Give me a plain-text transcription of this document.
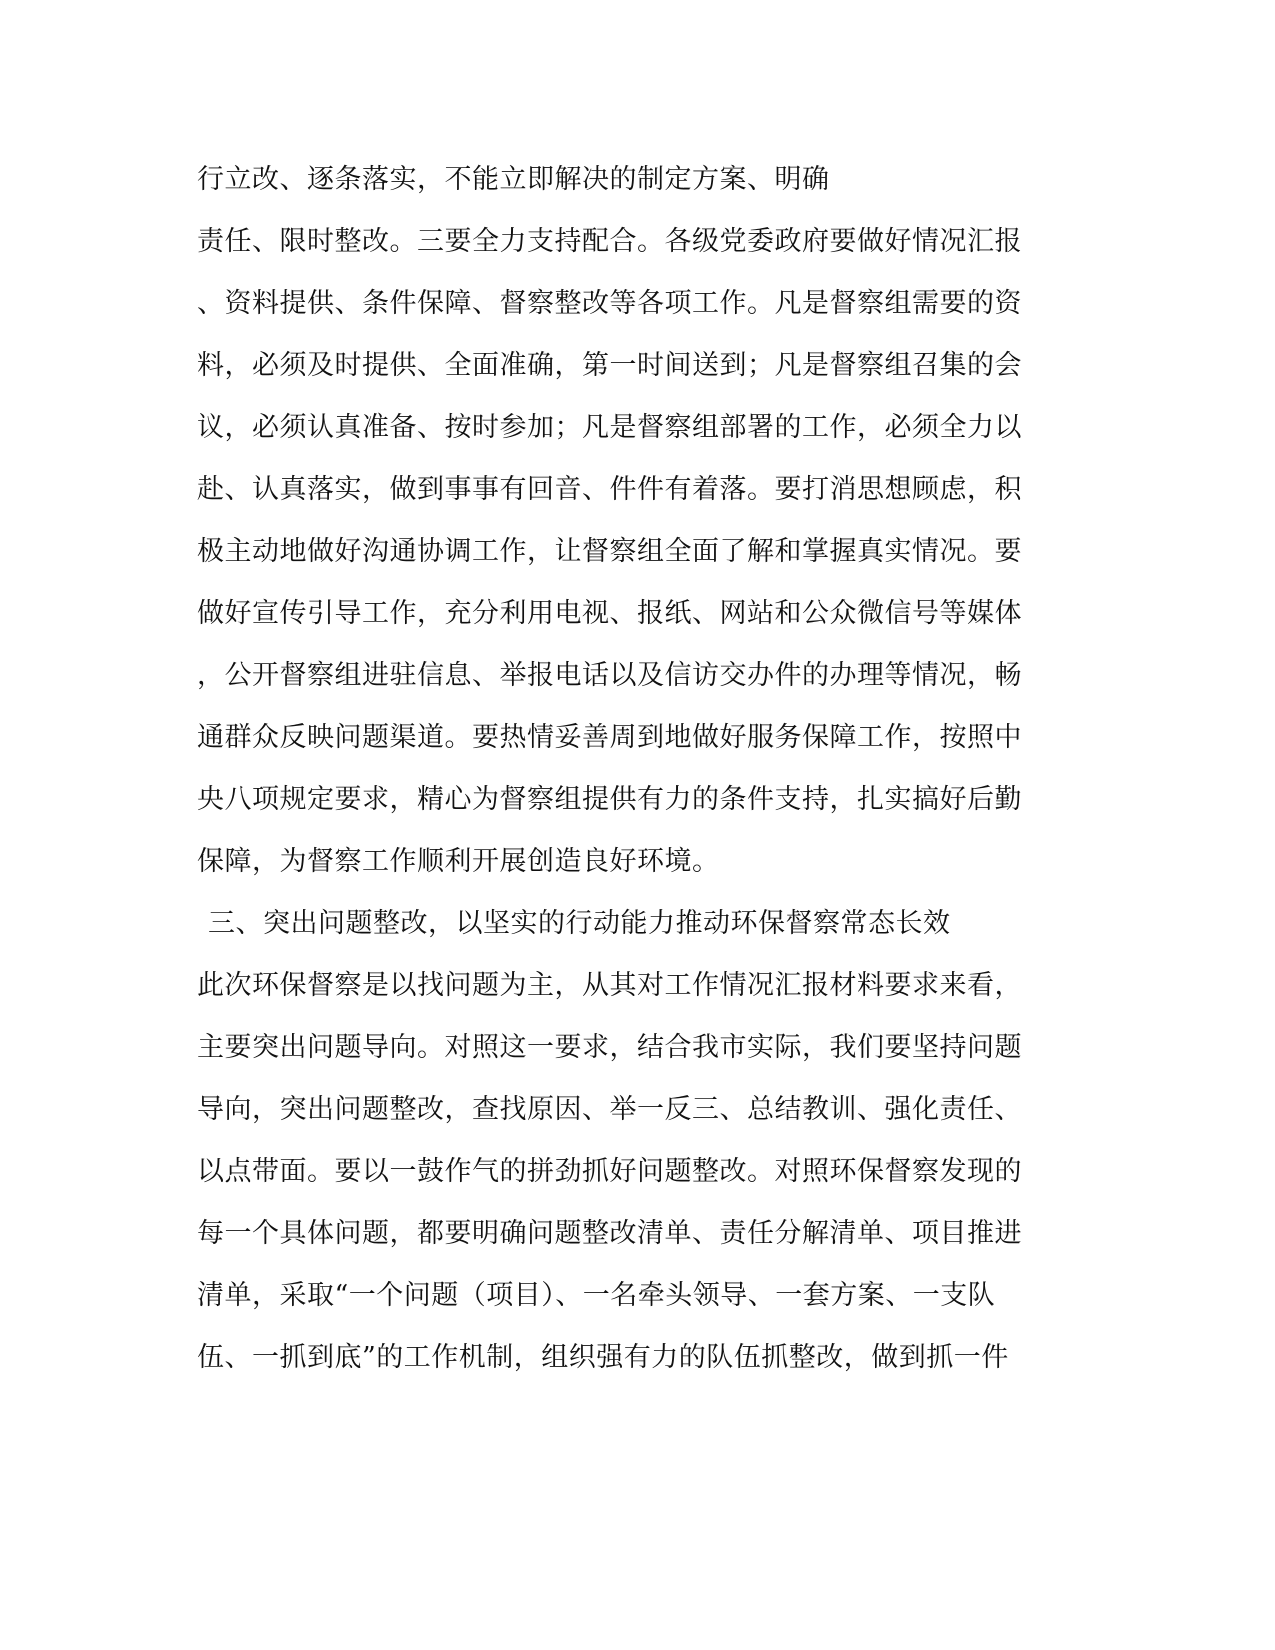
行立改、逐条落实，不能立即解决的制定方案、明确
责任、限时整改。三要全力支持配合。各级党委政府要做好情况汇报
、资料提供、条件保障、督察整改等各项工作。凡是督察组需要的资
料，必须及时提供、全面准确，第一时间送到；凡是督察组召集的会
议，必须认真准备、按时参加；凡是督察组部署的工作，必须全力以
赴、认真落实，做到事事有回音、件件有着落。要打消思想顾虑，积
极主动地做好沟通协调工作，让督察组全面了解和掌握真实情况。要
做好宣传引导工作，充分利用电视、报纸、网站和公众微信号等媒体
，公开督察组进驻信息、举报电话以及信访交办件的办理等情况，畅
通群众反映问题渠道。要热情妥善周到地做好服务保障工作，按照中
央八项规定要求，精心为督察组提供有力的条件支持，扎实搞好后勤
保障，为督察工作顺利开展创造良好环境。
三、突出问题整改，以坚实的行动能力推动环保督察常态长效
此次环保督察是以找问题为主，从其对工作情况汇报材料要求来看，
主要突出问题导向。对照这一要求，结合我市实际，我们要坚持问题
导向，突出问题整改，查找原因、举一反三、总结教训、强化责任、
以点带面。要以一鼓作气的拼劲抓好问题整改。对照环保督察发现的
每一个具体问题，都要明确问题整改清单、责任分解清单、项目推进
清单，采取“一个问题（项目）、一名牵头领导、一套方案、一支队
伍、一抓到底”的工作机制，组织强有力的队伍抓整改，做到抓一件
